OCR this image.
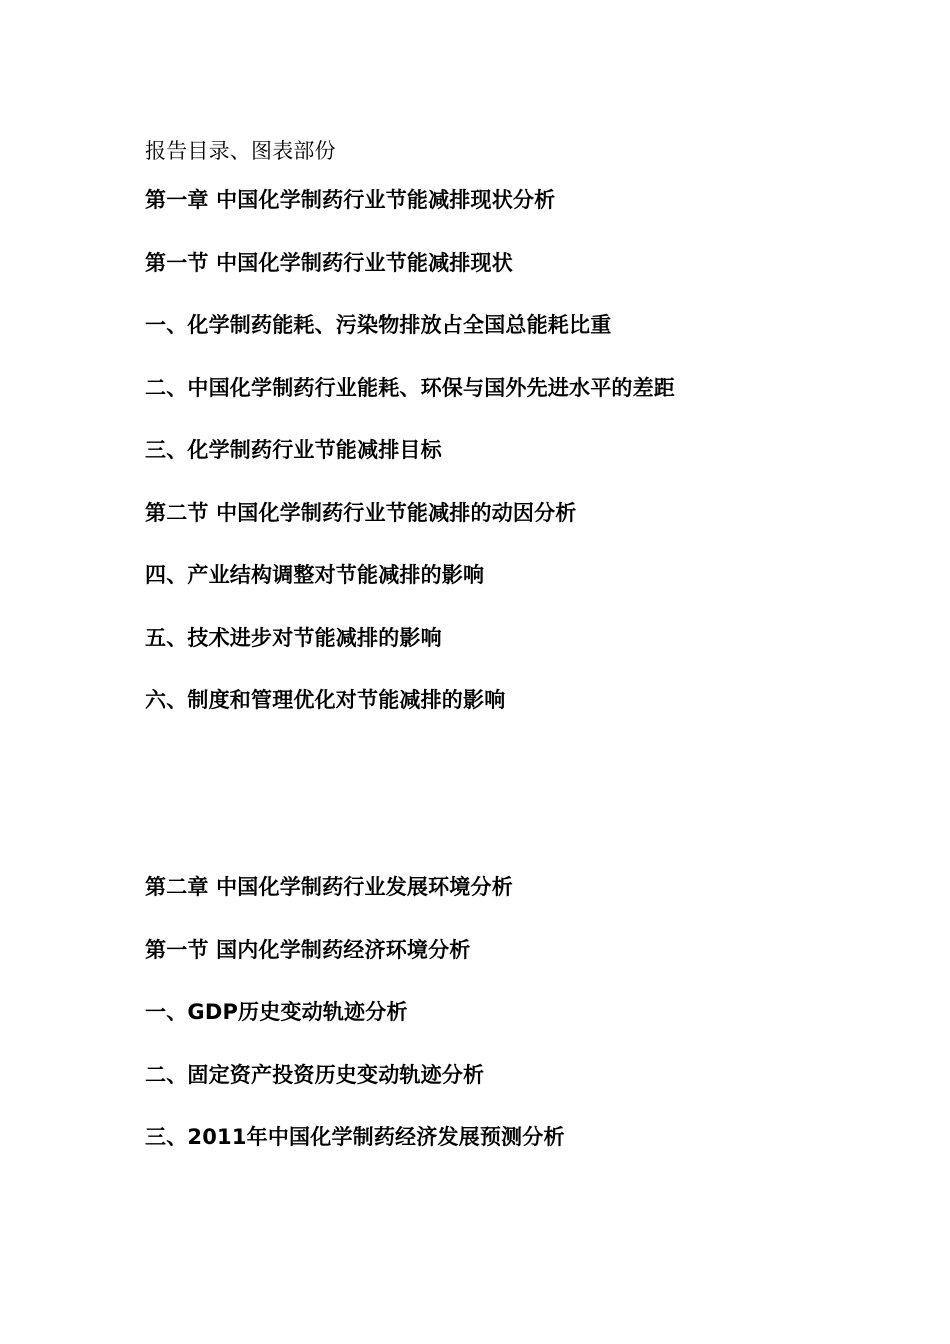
报告目录、图表部份
第一章 中国化学制药行业节能减排现状分析
第一节 中国化学制药行业节能减排现状
一、化学制药能耗、污染物排放占全国总能耗比重
二、中国化学制药行业能耗、环保与国外先进水平的差距
三、化学制药行业节能减排目标
第二节 中国化学制药行业节能减排的动因分析
四、产业结构调整对节能减排的影响
五、技术进步对节能减排的影响
六、制度和管理优化对节能减排的影响
第二章 中国化学制药行业发展环境分析
第一节 国内化学制药经济环境分析
一、GDP历史变动轨迹分析
二、固定资产投资历史变动轨迹分析
三、2011年中国化学制药经济发展预测分析
